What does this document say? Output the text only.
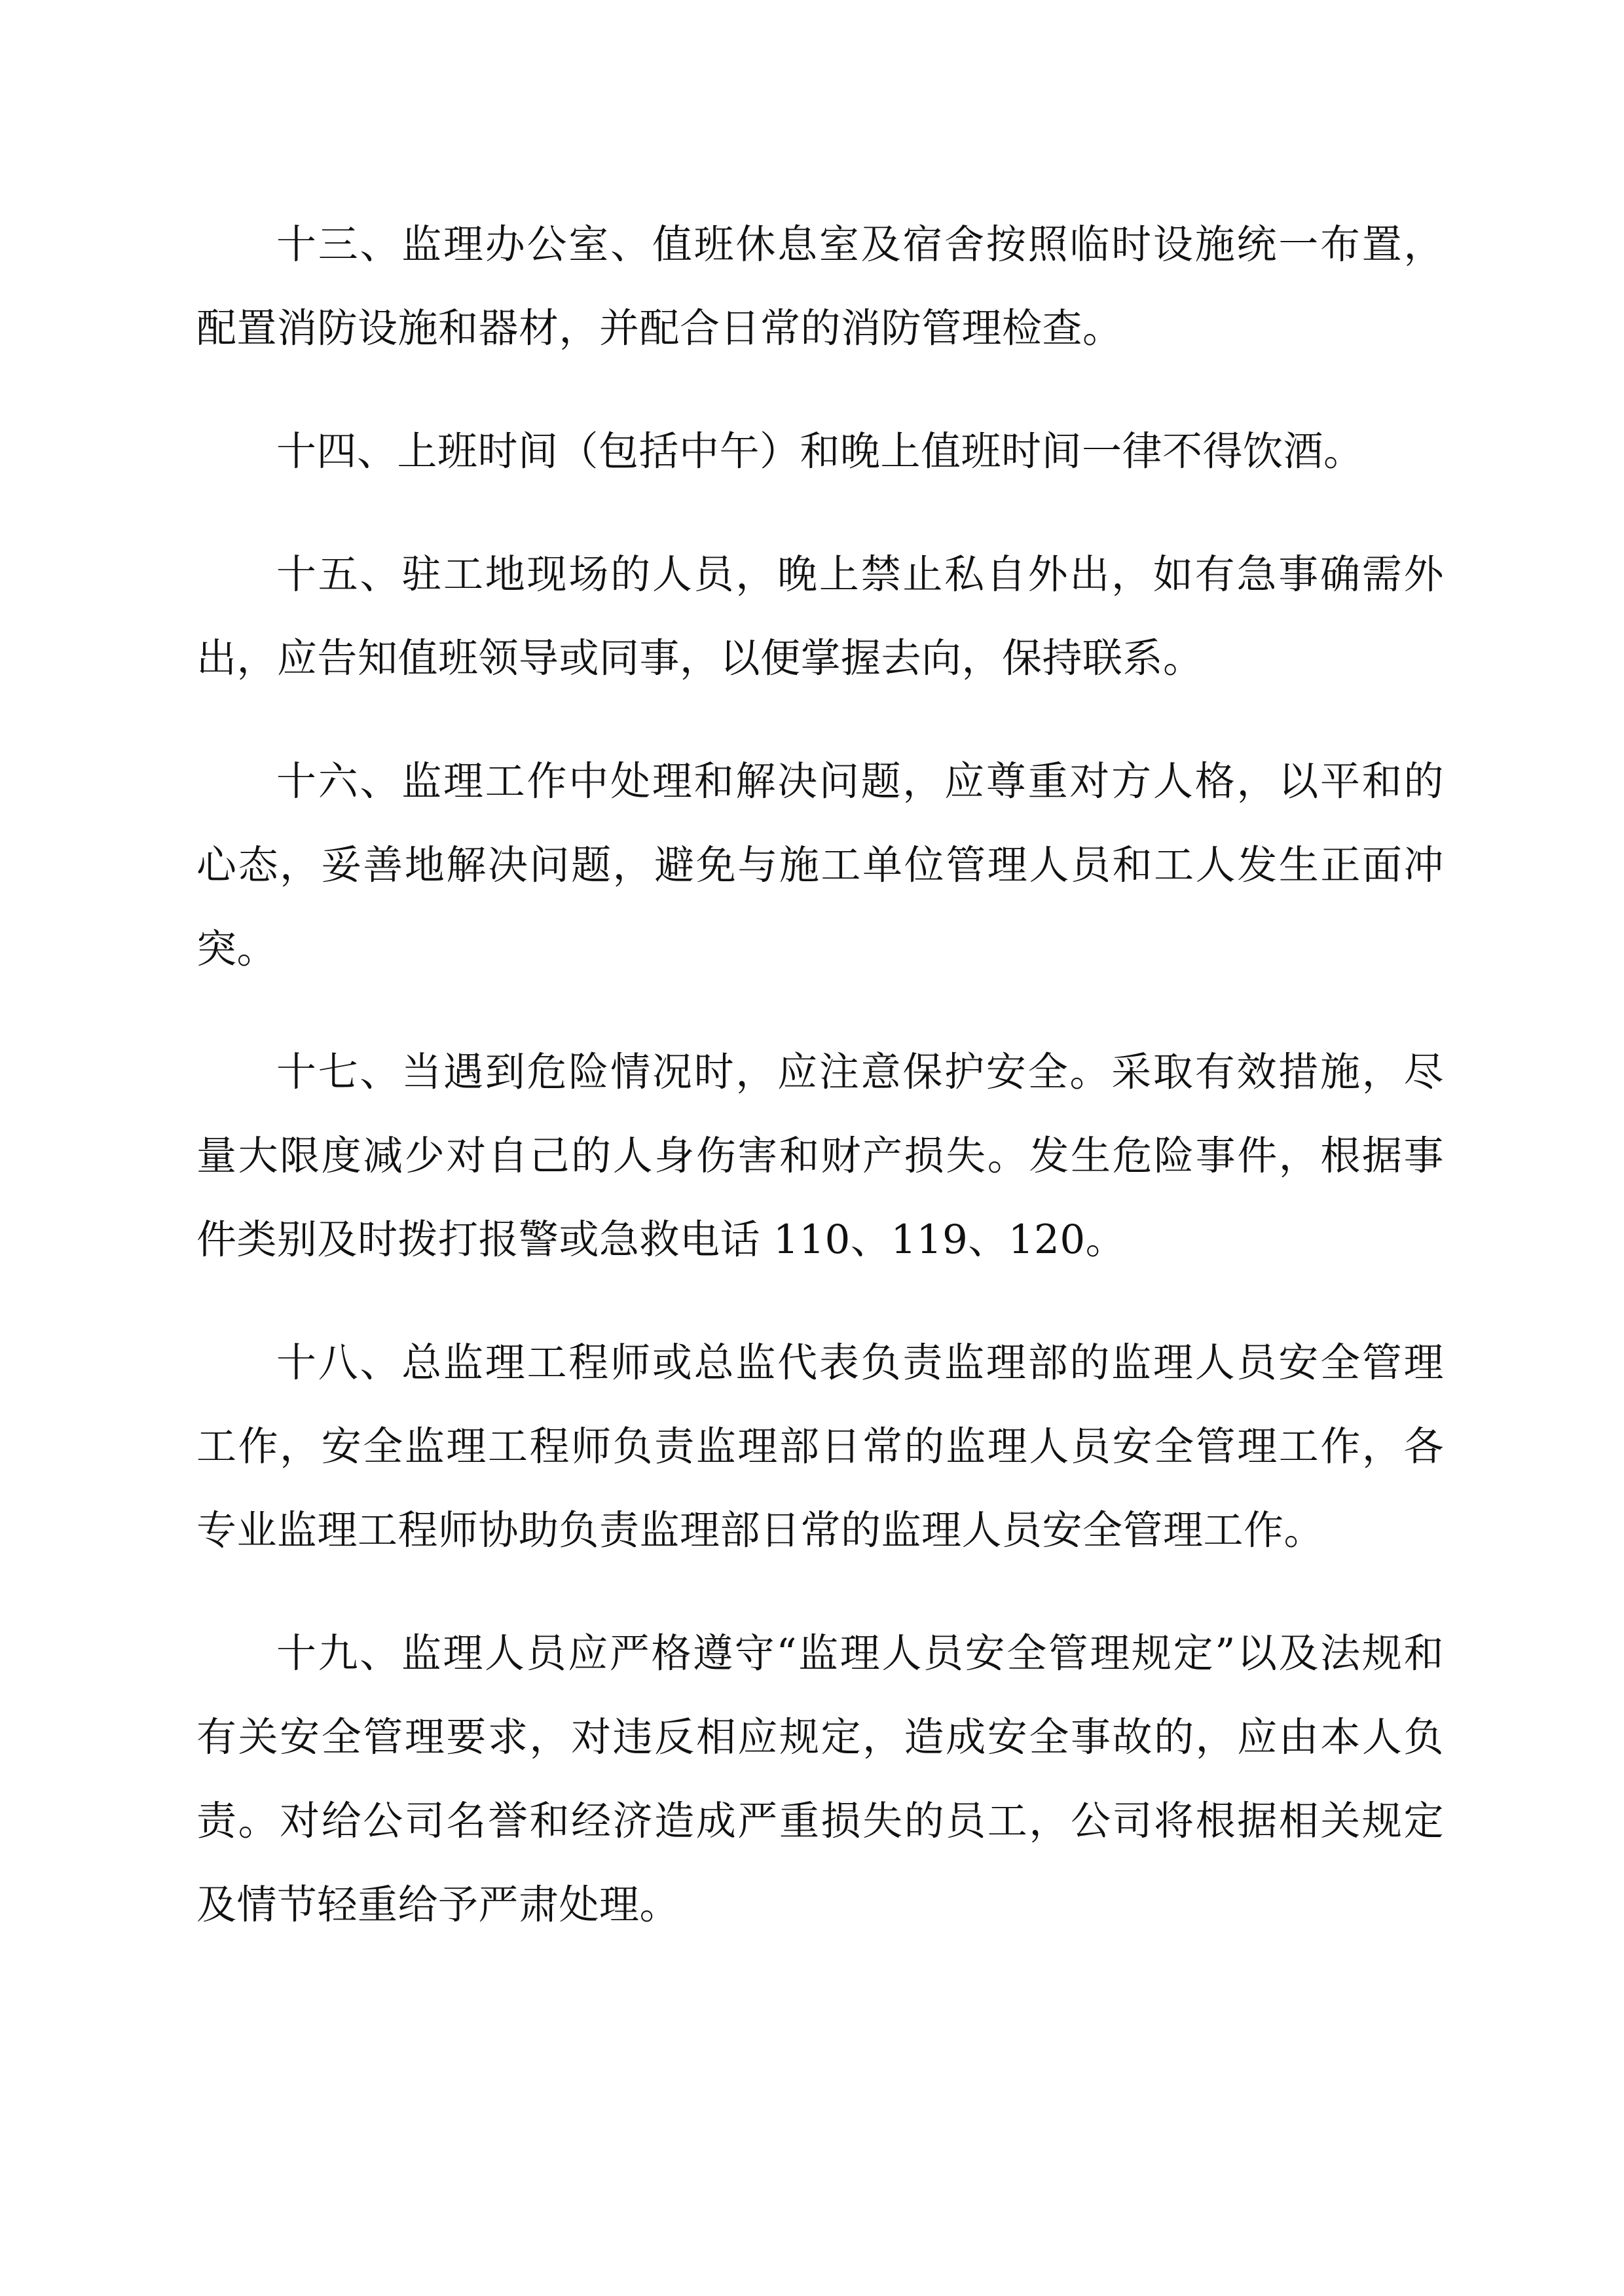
十三、监理办公室、值班休息室及宿舍按照临时设施统一布置，配置消防设施和器材，并配合日常的消防管理检查。

十四、上班时间（包括中午）和晚上值班时间一律不得饮酒。

十五、驻工地现场的人员，晚上禁止私自外出，如有急事确需外出，应告知值班领导或同事，以便掌握去向，保持联系。

十六、监理工作中处理和解决问题，应尊重对方人格，以平和的心态，妥善地解决问题，避免与施工单位管理人员和工人发生正面冲突。

十七、当遇到危险情况时，应注意保护安全。采取有效措施，尽量大限度减少对自己的人身伤害和财产损失。发生危险事件，根据事件类别及时拨打报警或急救电话 110、119、120。

十八、总监理工程师或总监代表负责监理部的监理人员安全管理工作，安全监理工程师负责监理部日常的监理人员安全管理工作，各专业监理工程师协助负责监理部日常的监理人员安全管理工作。

十九、监理人员应严格遵守“监理人员安全管理规定”以及法规和有关安全管理要求，对违反相应规定，造成安全事故的，应由本人负责。对给公司名誉和经济造成严重损失的员工，公司将根据相关规定及情节轻重给予严肃处理。
